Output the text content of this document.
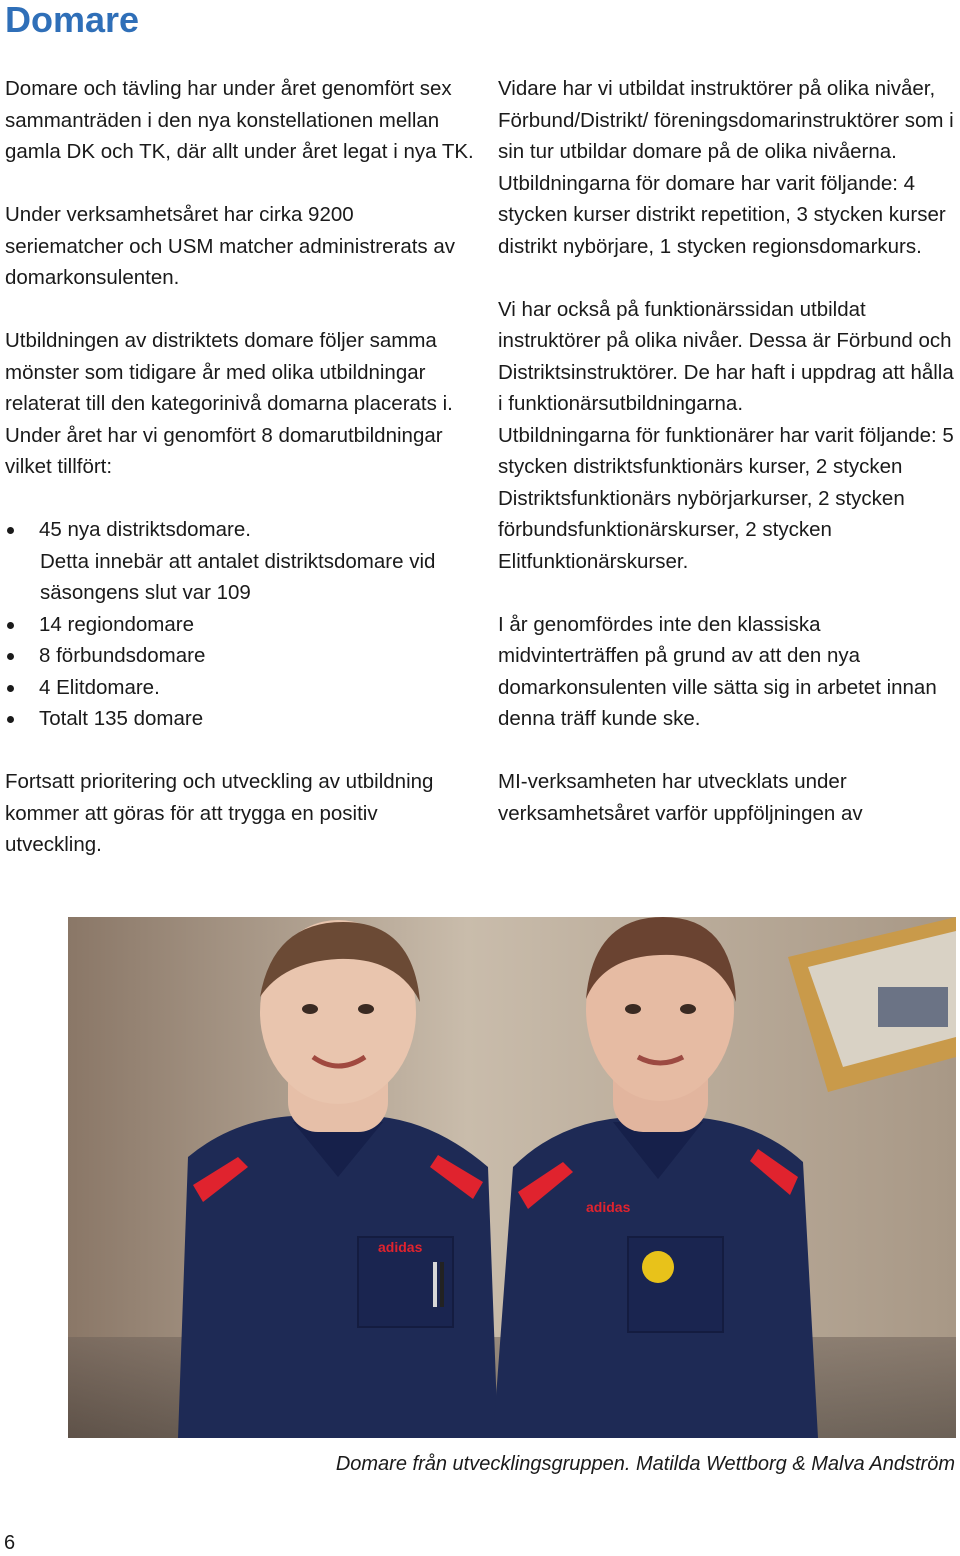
Domare

Domare och tävling har under året genomfört sex sammanträden i den nya konstellationen mellan gamla DK och TK, där allt under året legat i nya TK.

Under verksamhetsåret har cirka 9200 seriematcher och USM matcher administrerats av domarkonsulenten.

Utbildningen av distriktets domare följer samma mönster som tidigare år med olika utbildningar relaterat till den kategorinivå domarna placerats i. Under året har vi genomfört 8 domarutbildningar vilket tillfört:

45 nya distriktsdomare.
Detta innebär att antalet distriktsdomare vid säsongens slut var 109
14 regiondomare
8 förbundsdomare
4 Elitdomare.
Totalt 135 domare

Fortsatt prioritering och utveckling av utbildning kommer att göras för att trygga en positiv utveckling.

Vidare har vi utbildat instruktörer på olika nivåer, Förbund/Distrikt/ föreningsdomarinstruktörer som i sin tur utbildar domare på de olika nivåerna.

Utbildningarna för domare har varit följande: 4 stycken kurser distrikt repetition, 3 stycken kurser distrikt nybörjare, 1 stycken regionsdomarkurs.

Vi har också på funktionärssidan utbildat instruktörer på olika nivåer. Dessa är Förbund och Distriktsinstruktörer. De har haft i uppdrag att hålla i funktionärsutbildningarna.

Utbildningarna för funktionärer har varit följande: 5 stycken distriktsfunktionärs kurser, 2 stycken Distriktsfunktionärs nybörjarkurser, 2 stycken förbundsfunktionärskurser, 2 stycken Elitfunktionärskurser.

I år genomfördes inte den klassiska midvinterträffen på grund av att den nya domarkonsulenten ville sätta sig in arbetet innan denna träff kunde ske.

MI-verksamheten har utvecklats under verksamhetsåret varför uppföljningen av

adidas
adidas
Domare från utvecklingsgruppen. Matilda Wettborg & Malva Andström
6
